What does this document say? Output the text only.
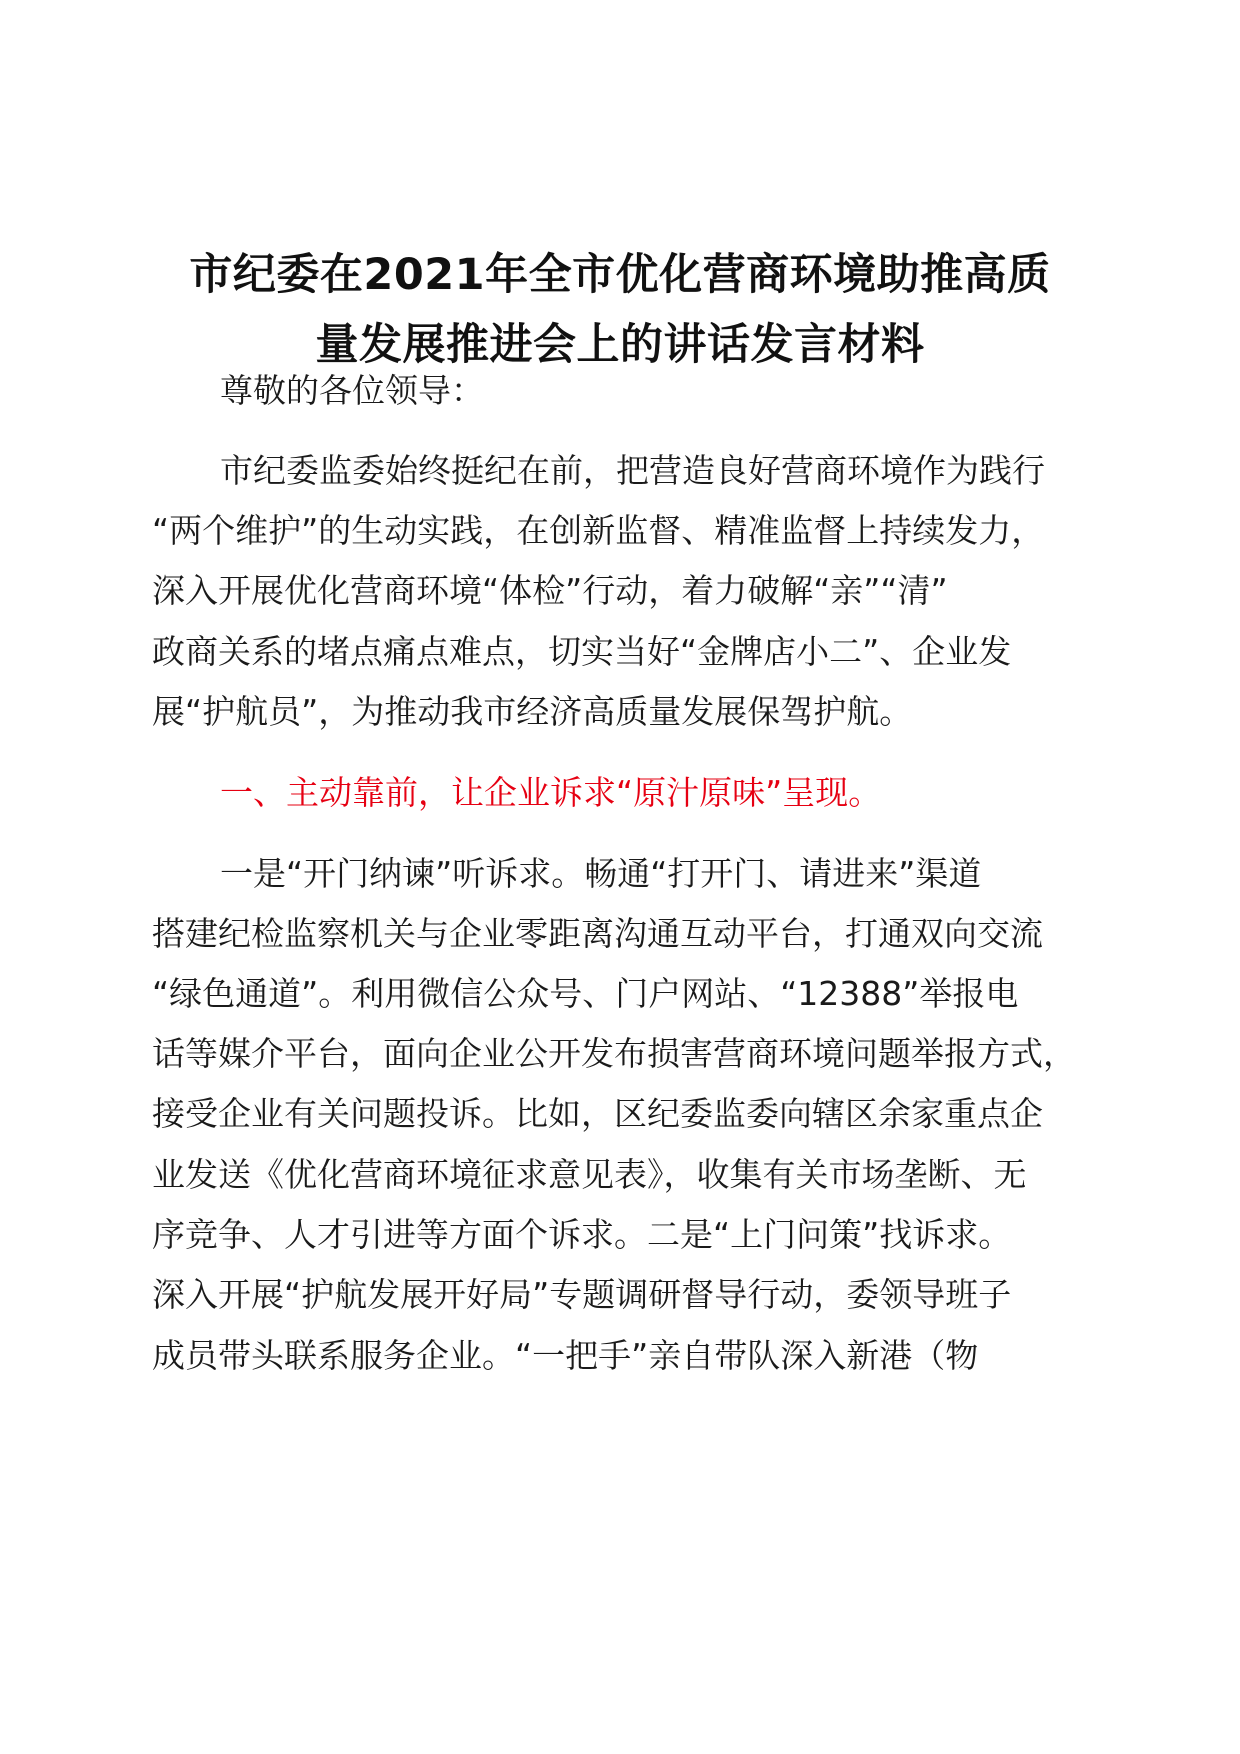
市纪委在2021年全市优化营商环境助推高质
量发展推进会上的讲话发言材料
尊敬的各位领导：
市纪委监委始终挺纪在前，把营造良好营商环境作为践行
“两个维护”的生动实践，在创新监督、精准监督上持续发力，
深入开展优化营商环境“体检”行动，着力破解“亲”“清”
政商关系的堵点痛点难点，切实当好“金牌店小二”、企业发
展“护航员”，为推动我市经济高质量发展保驾护航。
一、主动靠前，让企业诉求“原汁原味”呈现。
一是“开门纳谏”听诉求。畅通“打开门、请进来”渠道
搭建纪检监察机关与企业零距离沟通互动平台，打通双向交流
“绿色通道”。利用微信公众号、门户网站、“12388”举报电
话等媒介平台，面向企业公开发布损害营商环境问题举报方式，
接受企业有关问题投诉。比如，区纪委监委向辖区余家重点企
业发送《优化营商环境征求意见表》，收集有关市场垄断、无
序竞争、人才引进等方面个诉求。二是“上门问策”找诉求。
深入开展“护航发展开好局”专题调研督导行动，委领导班子
成员带头联系服务企业。“一把手”亲自带队深入新港（物
